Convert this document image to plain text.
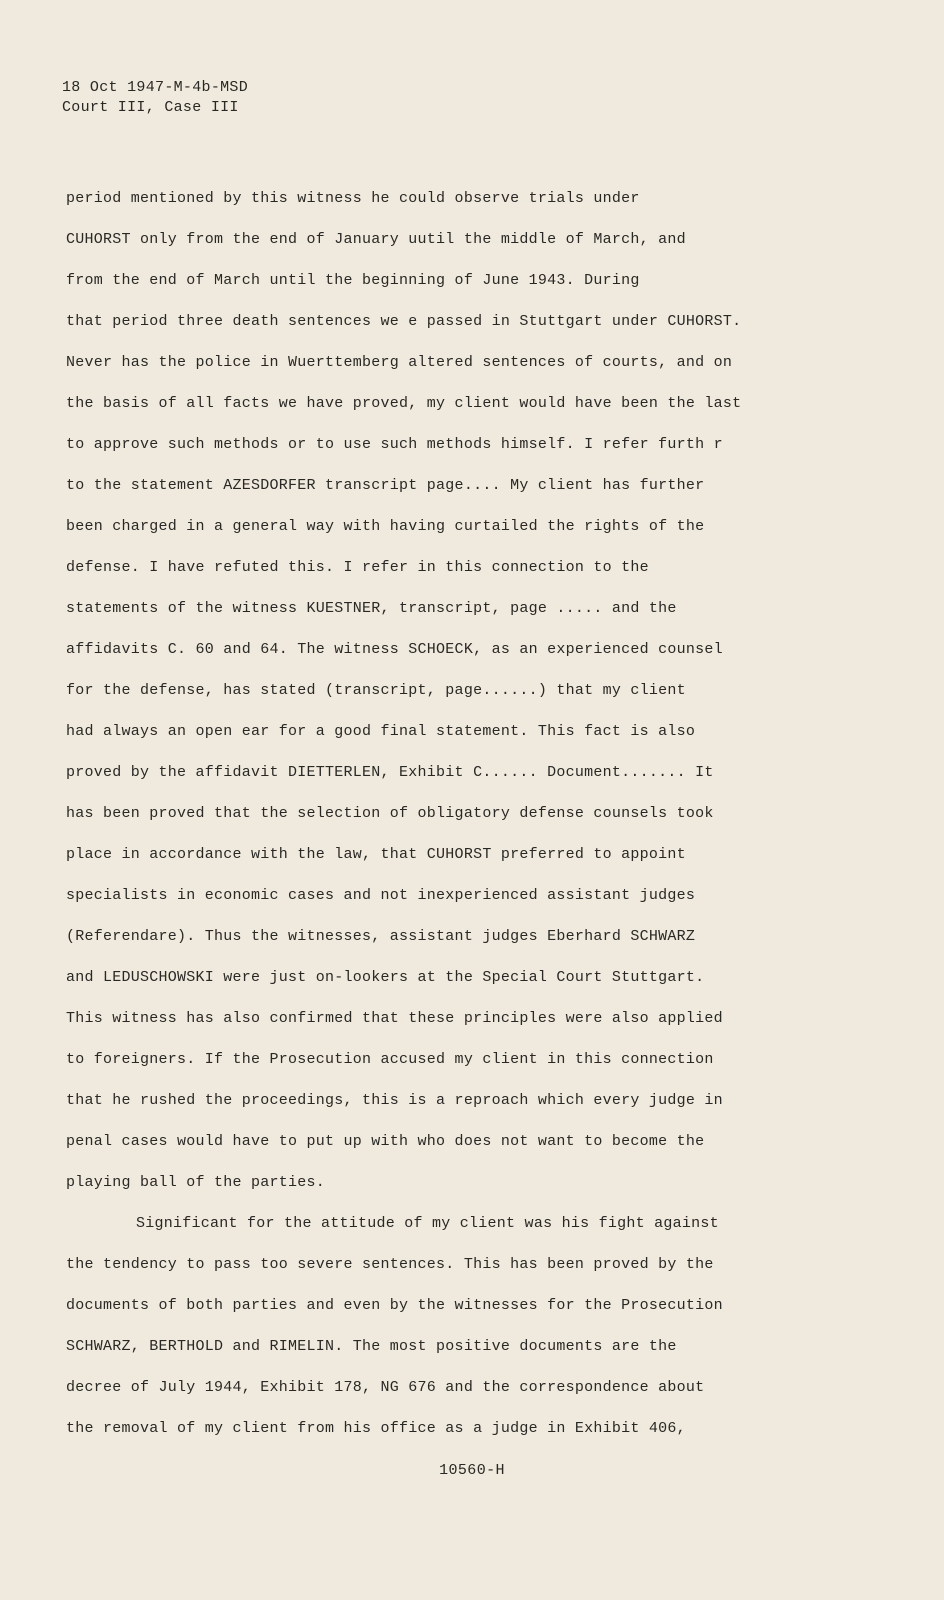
18 Oct 1947-M-4b-MSD
Court III, Case III
period mentioned by this witness he could observe trials under
CUHORST only from the end of January uutil the middle of March, and
from the end of March until the beginning of June 1943. During
that period three death sentences we e passed in Stuttgart under CUHORST.
Never has the police in Wuerttemberg altered sentences of courts, and on
the basis of all facts we have proved, my client would have been the last
to approve such methods or to use such methods himself. I refer furth r
to the statement AZESDORFER transcript page.... My client has further
been charged in a general way with having curtailed the rights of the
defense. I have refuted this. I refer in this connection to the
statements of the witness KUESTNER, transcript, page ..... and the
affidavits C. 60 and 64. The witness SCHOECK, as an experienced counsel
for the defense, has stated (transcript, page......) that my client
had always an open ear for a good final statement. This fact is also
proved by the affidavit DIETTERLEN, Exhibit C...... Document....... It
has been proved that the selection of obligatory defense counsels took
place in accordance with the law, that CUHORST preferred to appoint
specialists in economic cases and not inexperienced assistant judges
(Referendare). Thus the witnesses, assistant judges Eberhard SCHWARZ
and LEDUSCHOWSKI were just on-lookers at the Special Court Stuttgart.
This witness has also confirmed that these principles were also applied
to foreigners. If the Prosecution accused my client in this connection
that he rushed the proceedings, this is a reproach which every judge in
penal cases would have to put up with who does not want to become the
playing ball of the parties.
Significant for the attitude of my client was his fight against
the tendency to pass too severe sentences. This has been proved by the
documents of both parties and even by the witnesses for the Prosecution
SCHWARZ, BERTHOLD and RIMELIN. The most positive documents are the
decree of July 1944, Exhibit 178, NG 676 and the correspondence about
the removal of my client from his office as a judge in Exhibit 406,
10560-H
